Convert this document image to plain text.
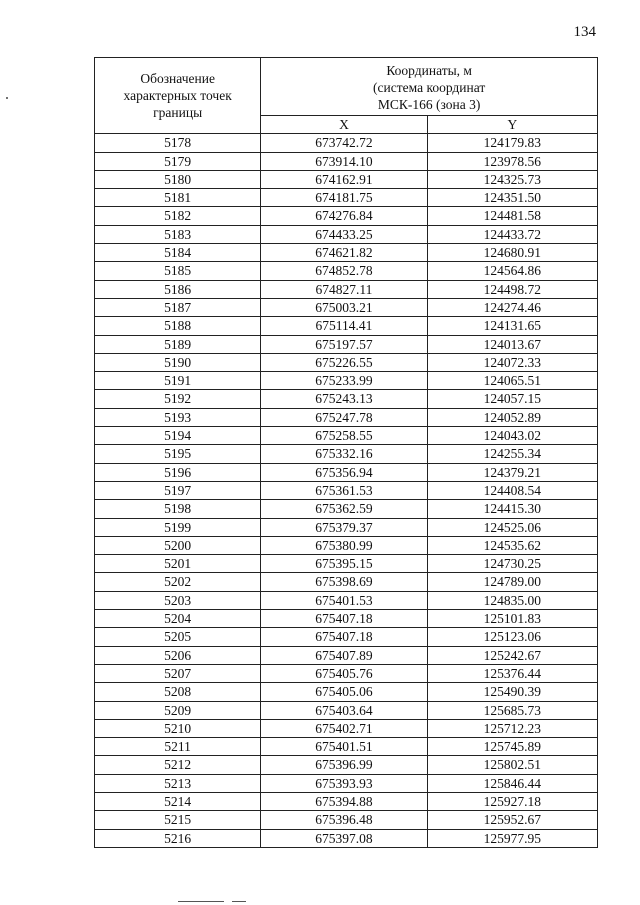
134
Обозначение характерных точек границы	Координаты, м
(система координат
МСК-166 (зона 3)	

	X	Y
5178	673742.72	124179.83
5179	673914.10	123978.56
5180	674162.91	124325.73
5181	674181.75	124351.50
5182	674276.84	124481.58
5183	674433.25	124433.72
5184	674621.82	124680.91
5185	674852.78	124564.86
5186	674827.11	124498.72
5187	675003.21	124274.46
5188	675114.41	124131.65
5189	675197.57	124013.67
5190	675226.55	124072.33
5191	675233.99	124065.51
5192	675243.13	124057.15
5193	675247.78	124052.89
5194	675258.55	124043.02
5195	675332.16	124255.34
5196	675356.94	124379.21
5197	675361.53	124408.54
5198	675362.59	124415.30
5199	675379.37	124525.06
5200	675380.99	124535.62
5201	675395.15	124730.25
5202	675398.69	124789.00
5203	675401.53	124835.00
5204	675407.18	125101.83
5205	675407.18	125123.06
5206	675407.89	125242.67
5207	675405.76	125376.44
5208	675405.06	125490.39
5209	675403.64	125685.73
5210	675402.71	125712.23
5211	675401.51	125745.89
5212	675396.99	125802.51
5213	675393.93	125846.44
5214	675394.88	125927.18
5215	675396.48	125952.67
5216	675397.08	125977.95
